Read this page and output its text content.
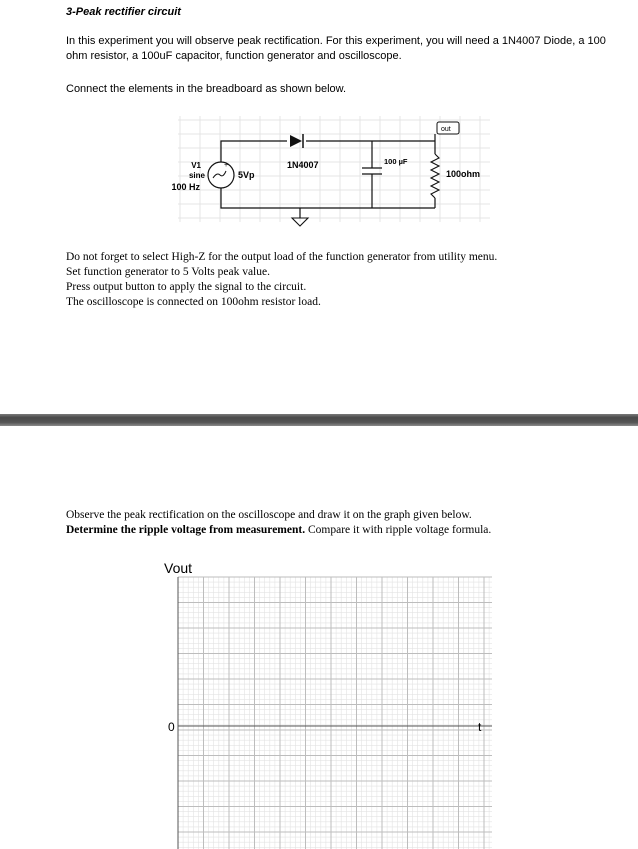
3-Peak rectifier circuit
In this experiment you will observe peak rectification. For this experiment, you will need a 1N4007 Diode, a 100 ohm resistor, a 100uF capacitor, function generator and oscilloscope.
Connect the elements in the breadboard as shown below.
+
V1
sine
100 Hz
5Vp
1N4007	100 µF
100ohm
out
Do not forget to select High-Z for the output load of the function generator from utility menu.
Set function generator to 5 Volts peak value.
Press output button to apply the signal to the circuit.
The oscilloscope is connected on 100ohm resistor load.
Observe the peak rectification on the oscilloscope and draw it on the graph given below.
Determine the ripple voltage from measurement. Compare it with ripple voltage formula.
Vout
0	t
